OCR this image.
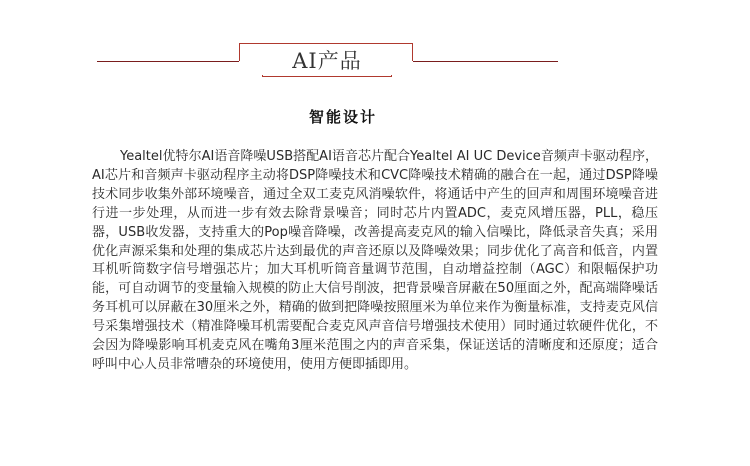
AI产品
智能设计

Yealtel优特尔AI语音降噪USB搭配AI语音芯片配合Yealtel AI UC Device音频声卡驱动程序，AI芯片和音频声卡驱动程序主动将DSP降噪技术和CVC降噪技术精确的融合在一起，通过DSP降噪技术同步收集外部环境噪音，通过全双工麦克风消噪软件，将通话中产生的回声和周围环境噪音进行进一步处理，从而进一步有效去除背景噪音；同时芯片内置ADC，麦克风增压器，PLL，稳压器，USB收发器，支持重大的Pop噪音降噪，改善提高麦克风的输入信噪比，降低录音失真；采用优化声源采集和处理的集成芯片达到最优的声音还原以及降噪效果；同步优化了高音和低音，内置耳机听筒数字信号增强芯片；加大耳机听筒音量调节范围，自动增益控制（AGC）和限幅保护功能，可自动调节的变量输入规模的防止大信号削波，把背景噪音屏蔽在50厘面之外，配高端降噪话务耳机可以屏蔽在30厘米之外，精确的做到把降噪按照厘米为单位来作为衡量标准，支持麦克风信号采集增强技术（精准降噪耳机需要配合麦克风声音信号增强技术使用）同时通过软硬件优化，不会因为降噪影响耳机麦克风在嘴角3厘米范围之内的声音采集，保证送话的清晰度和还原度；适合呼叫中心人员非常嘈杂的环境使用，使用方便即插即用。
